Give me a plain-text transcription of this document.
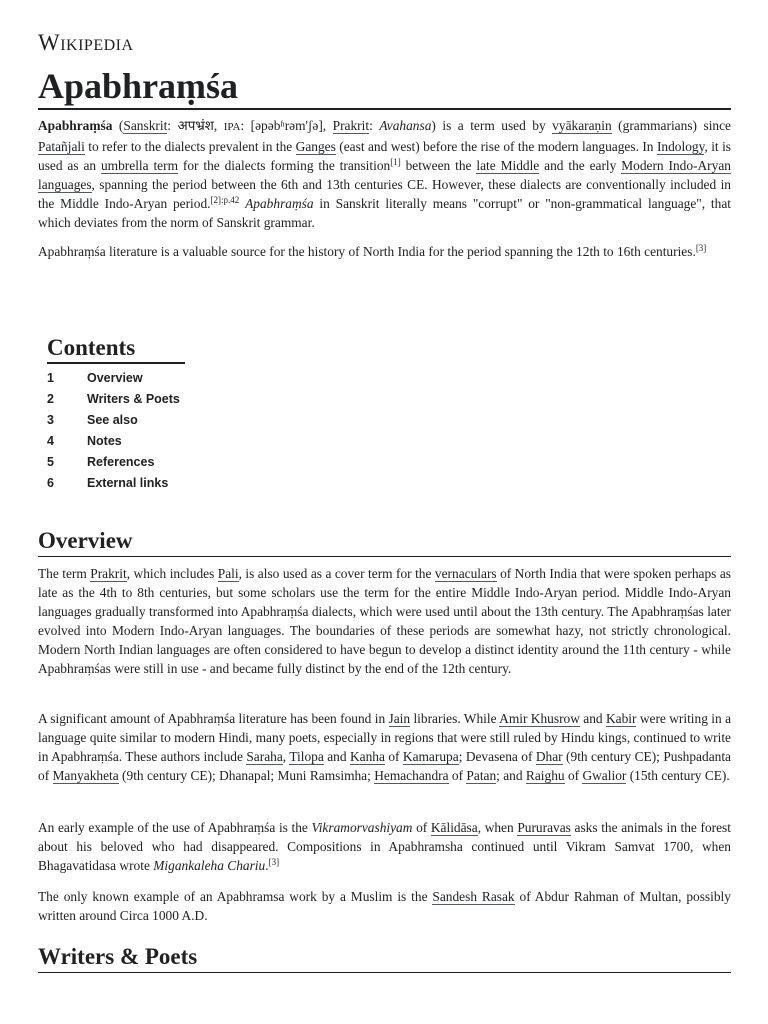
Wikipedia
Apabhraṃśa

Apabhraṃśa (Sanskrit: अपभ्रंश, IPA: [əpəbʱrəm'ʃə], Prakrit: Avahansa) is a term used by vyākaraṇin (grammarians) since Patañjali to refer to the dialects prevalent in the Ganges (east and west) before the rise of the modern languages. In Indology, it is used as an umbrella term for the dialects forming the transition[1] between the late Middle and the early Modern Indo-Aryan languages, spanning the period between the 6th and 13th centuries CE. However, these dialects are conventionally included in the Middle Indo-Aryan period.$^{[2]:p.42}$ Apabhraṃśa in Sanskrit literally means "corrupt" or "non-grammatical language", that which deviates from the norm of Sanskrit grammar.

Apabhraṃśa literature is a valuable source for the history of North India for the period spanning the 12th to 16th centuries.[3]

Contents
1	Overview
2	Writers & Poets
3	See also
4	Notes
5	References
6	External links
Overview

The term Prakrit, which includes Pali, is also used as a cover term for the vernaculars of North India that were spoken perhaps as late as the 4th to 8th centuries, but some scholars use the term for the entire Middle Indo-Aryan period. Middle Indo-Aryan languages gradually transformed into Apabhraṃśa dialects, which were used until about the 13th century. The Apabhraṃśas later evolved into Modern Indo-Aryan languages. The boundaries of these periods are somewhat hazy, not strictly chronological. Modern North Indian languages are often considered to have begun to develop a distinct identity around the 11th century - while Apabhraṃśas were still in use - and became fully distinct by the end of the 12th century.

A significant amount of Apabhraṃśa literature has been found in Jain libraries. While Amir Khusrow and Kabir were writing in a language quite similar to modern Hindi, many poets, especially in regions that were still ruled by Hindu kings, continued to write in Apabhraṃśa. These authors include Saraha, Tilopa and Kanha of Kamarupa; Devasena of Dhar (9th century CE); Pushpadanta of Manyakheta (9th century CE); Dhanapal; Muni Ramsimha; Hemachandra of Patan; and Raighu of Gwalior (15th century CE).

An early example of the use of Apabhraṃśa is the Vikramorvashiyam of Kālidāsa, when Pururavas asks the animals in the forest about his beloved who had disappeared. Compositions in Apabhramsha continued until Vikram Samvat 1700, when Bhagavatidasa wrote Migankaleha Chariu.[3]

The only known example of an Apabhramsa work by a Muslim is the Sandesh Rasak of Abdur Rahman of Multan, possibly written around Circa 1000 A.D.

Writers & Poets
